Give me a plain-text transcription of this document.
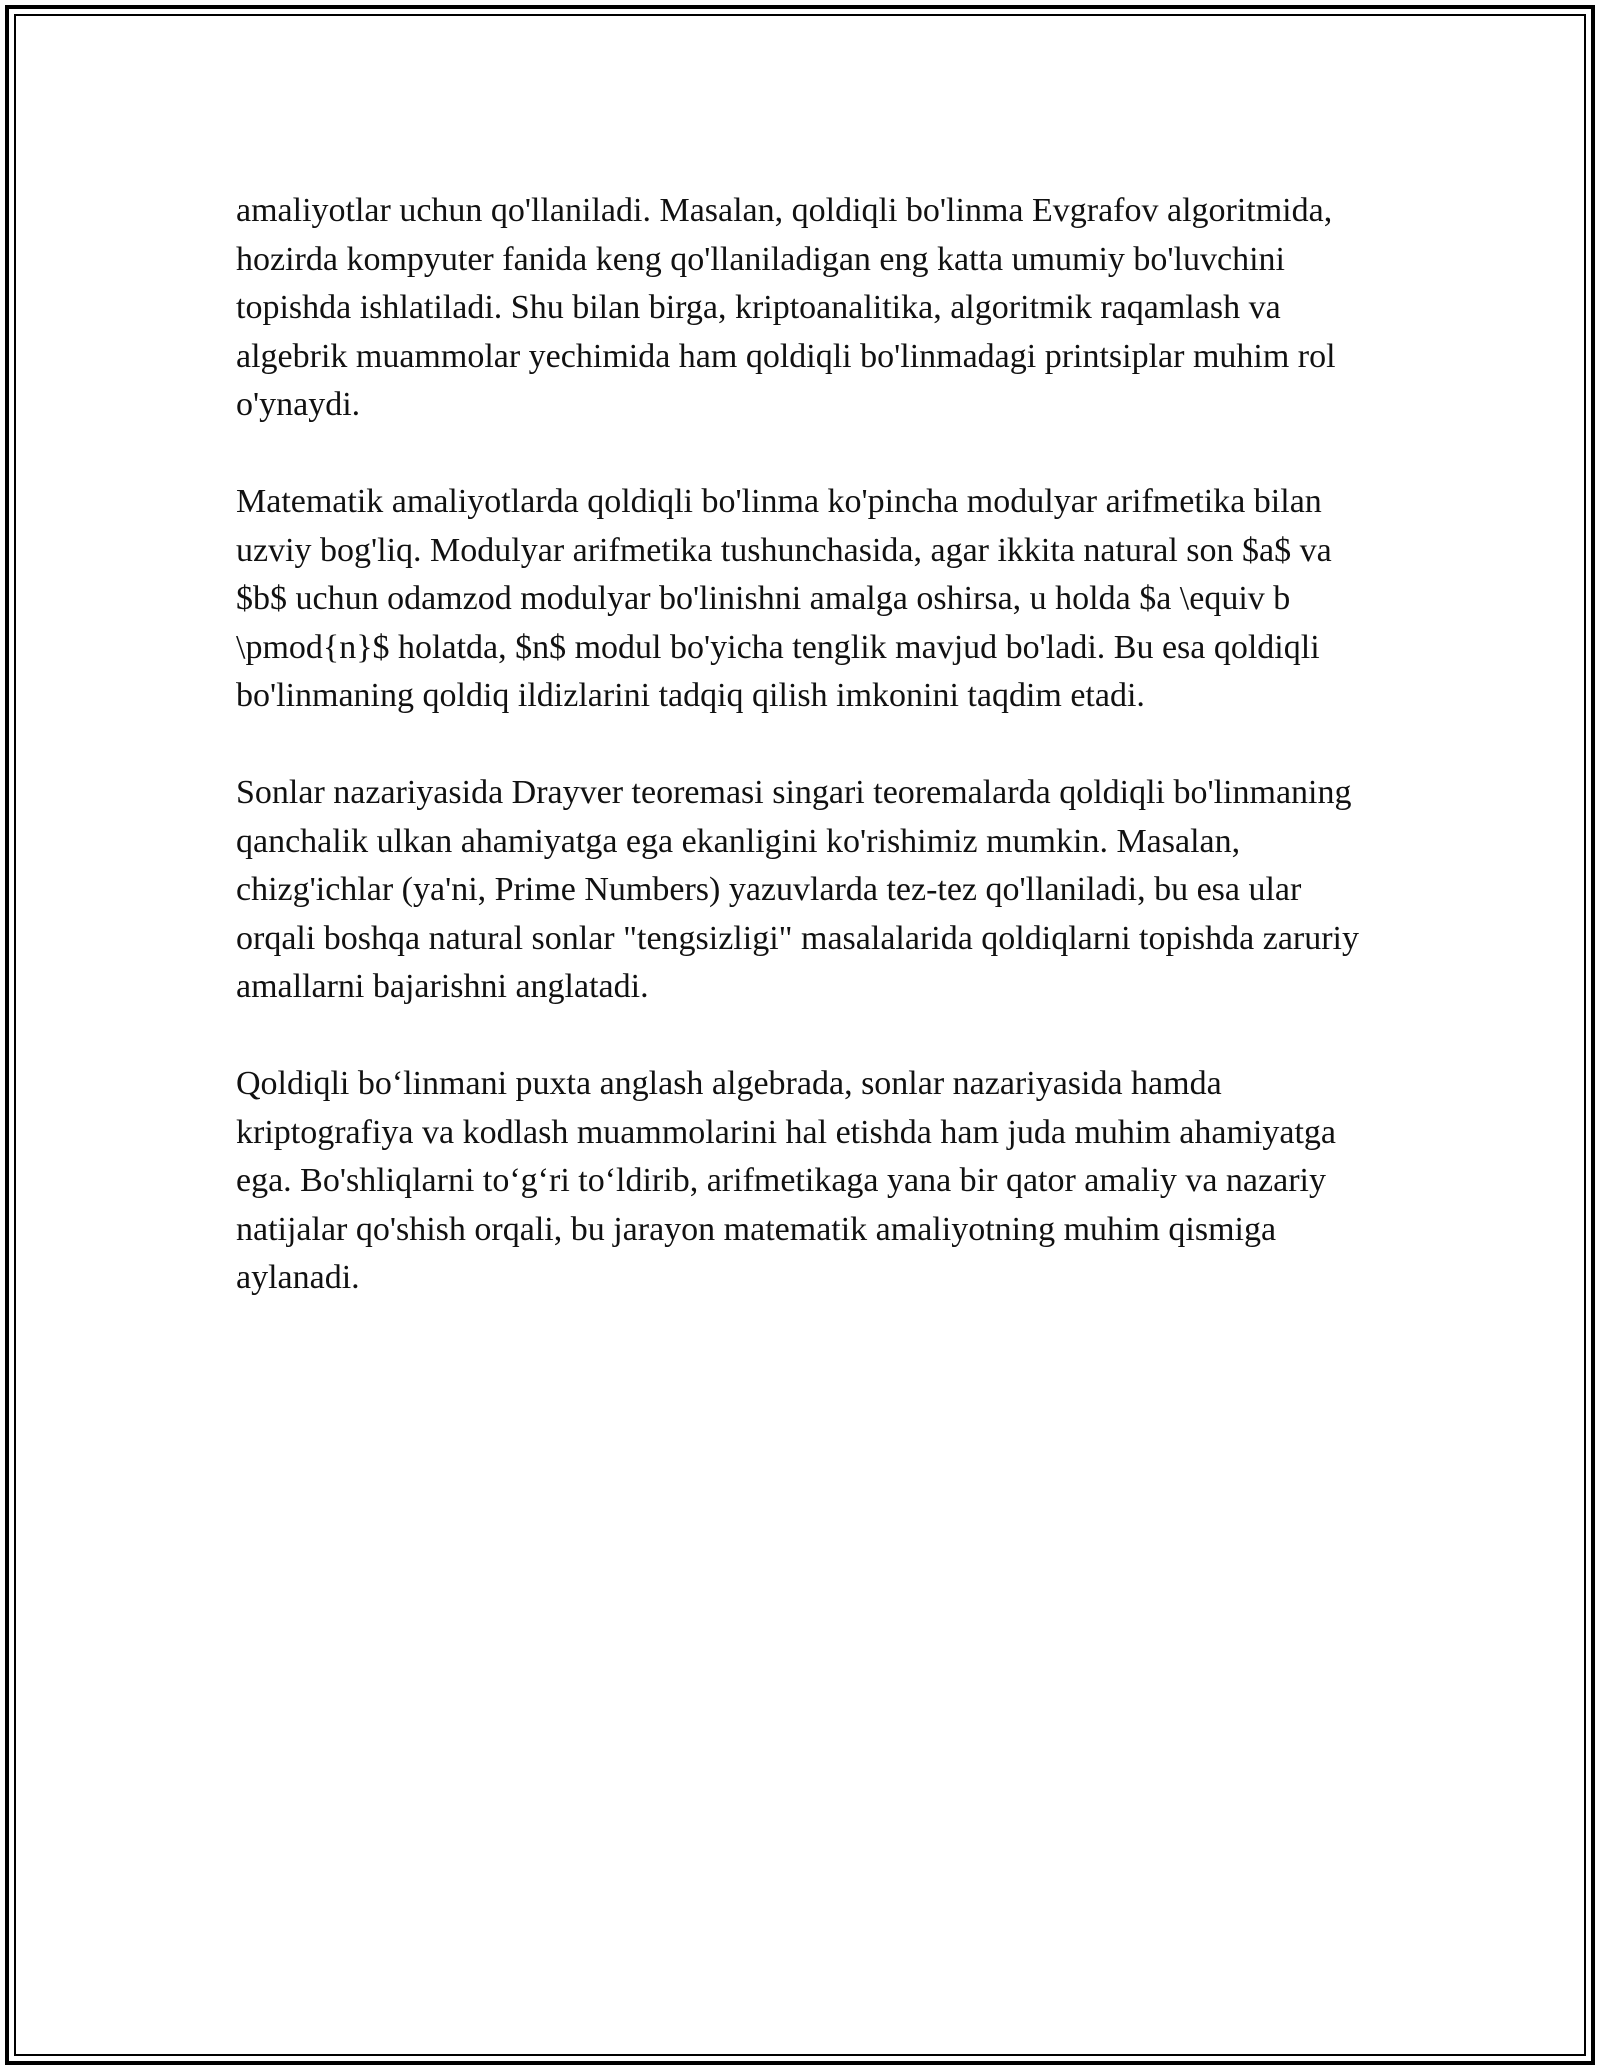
amaliyotlar uchun qo'llaniladi. Masalan, qoldiqli bo'linma Evgrafov algoritmida, hozirda kompyuter fanida keng qo'llaniladigan eng katta umumiy bo'luvchini topishda ishlatiladi. Shu bilan birga, kriptoanalitika, algoritmik raqamlash va algebrik muammolar yechimida ham qoldiqli bo'linmadagi printsiplar muhim rol o'ynaydi.

Matematik amaliyotlarda qoldiqli bo'linma ko'pincha modulyar arifmetika bilan uzviy bog'liq. Modulyar arifmetika tushunchasida, agar ikkita natural son $a$ va $b$ uchun odamzod modulyar bo'linishni amalga oshirsa, u holda $a \equiv b \pmod{n}$ holatda, $n$ modul bo'yicha tenglik mavjud bo'ladi. Bu esa qoldiqli bo'linmaning qoldiq ildizlarini tadqiq qilish imkonini taqdim etadi.

Sonlar nazariyasida Drayver teoremasi singari teoremalarda qoldiqli bo'linmaning qanchalik ulkan ahamiyatga ega ekanligini ko'rishimiz mumkin. Masalan, chizg'ichlar (ya'ni, Prime Numbers) yazuvlarda tez-tez qo'llaniladi, bu esa ular orqali boshqa natural sonlar "tengsizligi" masalalarida qoldiqlarni topishda zaruriy amallarni bajarishni anglatadi.

Qoldiqli bo‘linmani puxta anglash algebrada, sonlar nazariyasida hamda kriptografiya va kodlash muammolarini hal etishda ham juda muhim ahamiyatga ega. Bo'shliqlarni to‘g‘ri to‘ldirib, arifmetikaga yana bir qator amaliy va nazariy natijalar qo'shish orqali, bu jarayon matematik amaliyotning muhim qismiga aylanadi.
